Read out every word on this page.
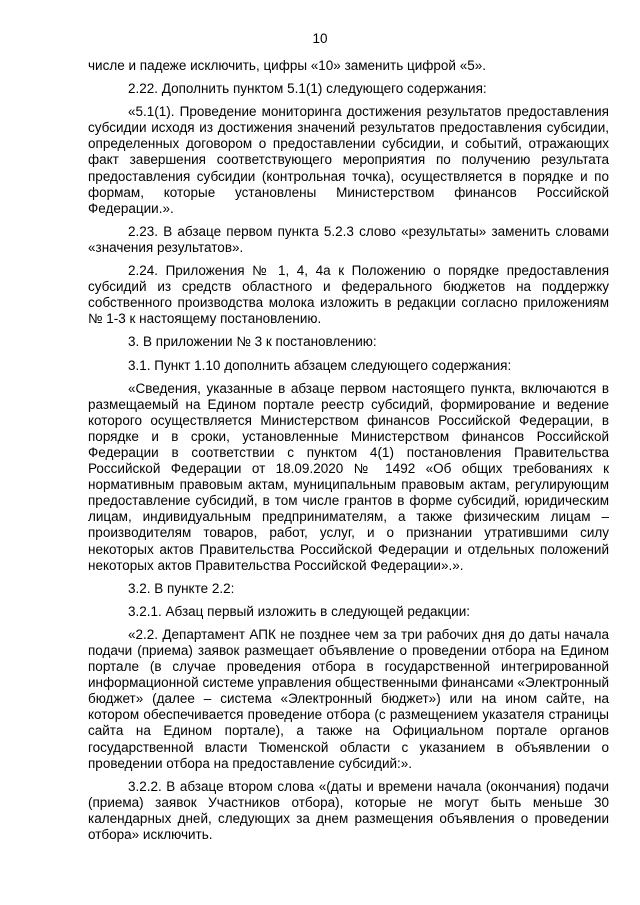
10

числе и падеже исключить, цифры «10» заменить цифрой «5».

2.22. Дополнить пунктом 5.1(1) следующего содержания:

«5.1(1). Проведение мониторинга достижения результатов предоставления субсидии исходя из достижения значений результатов предоставления субсидии, определенных договором о предоставлении субсидии, и событий, отражающих факт завершения соответствующего мероприятия по получению результата предоставления субсидии (контрольная точка), осуществляется в порядке и по формам, которые установлены Министерством финансов Российской Федерации.».

2.23. В абзаце первом пункта 5.2.3 слово «результаты» заменить словами «значения результатов».

2.24. Приложения № 1, 4, 4а к Положению о порядке предоставления субсидий из средств областного и федерального бюджетов на поддержку собственного производства молока изложить в редакции согласно приложениям № 1-3 к настоящему постановлению.

3. В приложении № 3 к постановлению:

3.1. Пункт 1.10 дополнить абзацем следующего содержания:

«Сведения, указанные в абзаце первом настоящего пункта, включаются в размещаемый на Едином портале реестр субсидий, формирование и ведение которого осуществляется Министерством финансов Российской Федерации, в порядке и в сроки, установленные Министерством финансов Российской Федерации в соответствии с пунктом 4(1) постановления Правительства Российской Федерации от 18.09.2020 № 1492 «Об общих требованиях к нормативным правовым актам, муниципальным правовым актам, регулирующим предоставление субсидий, в том числе грантов в форме субсидий, юридическим лицам, индивидуальным предпринимателям, а также физическим лицам – производителям товаров, работ, услуг, и о признании утратившими силу некоторых актов Правительства Российской Федерации и отдельных положений некоторых актов Правительства Российской Федерации».».

3.2. В пункте 2.2:

3.2.1. Абзац первый изложить в следующей редакции:

«2.2. Департамент АПК не позднее чем за три рабочих дня до даты начала подачи (приема) заявок размещает объявление о проведении отбора на Едином портале (в случае проведения отбора в государственной интегрированной информационной системе управления общественными финансами «Электронный бюджет» (далее – система «Электронный бюджет») или на ином сайте, на котором обеспечивается проведение отбора (с размещением указателя страницы сайта на Едином портале), а также на Официальном портале органов государственной власти Тюменской области с указанием в объявлении о проведении отбора на предоставление субсидий:».

3.2.2. В абзаце втором слова «(даты и времени начала (окончания) подачи (приема) заявок Участников отбора), которые не могут быть меньше 30 календарных дней, следующих за днем размещения объявления о проведении отбора» исключить.
